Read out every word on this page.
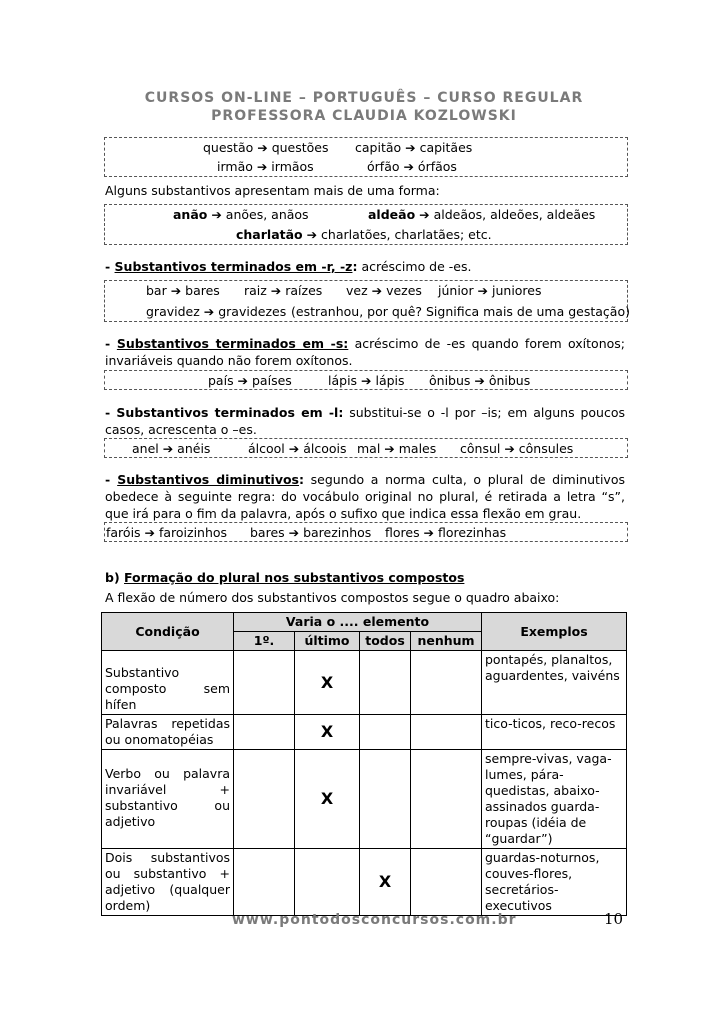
CURSOS ON-LINE – PORTUGUÊS – CURSO REGULAR
PROFESSORA CLAUDIA KOZLOWSKI
questão ➔ questões capitão ➔ capitães
irmão ➔ irmãos	órfão ➔ órfãos
Alguns substantivos apresentam mais de uma forma:
anão ➔ anões, anãos	aldeão ➔ aldeãos, aldeões, aldeães
charlatão ➔ charlatões, charlatães; etc.
- Substantivos terminados em -r, -z: acréscimo de -es.
bar ➔ bares raiz ➔ raízes vez ➔ vezes júnior ➔ juniores
gravidez ➔ gravidezes (estranhou, por quê? Significa mais de uma gestação)
- Substantivos terminados em -s: acréscimo de -es quando forem oxítonos; invariáveis quando não forem oxítonos.
país ➔ países	lápis ➔ lápis ônibus ➔ ônibus
- Substantivos terminados em -l: substitui-se o -l por –is; em alguns poucos casos, acrescenta o –es.
anel ➔ anéis	álcool ➔ álcoois mal ➔ males cônsul ➔ cônsules
- Substantivos diminutivos: segundo a norma culta, o plural de diminutivos obedece à seguinte regra: do vocábulo original no plural, é retirada a letra “s”, que irá para o fim da palavra, após o sufixo que indica essa flexão em grau.
faróis ➔ faroizinhos bares ➔ barezinhos flores ➔ florezinhas
b) Formação do plural nos substantivos compostos
A flexão de número dos substantivos compostos segue o quadro abaixo:
Condição	Varia o .... elemento				Exemplos
	1º.	último	todos	nenhum	
Substantivo composto sem hífen		X			pontapés, planaltos, aguardentes, vaivéns
Palavras repetidas ou onomatopéias		X			tico-ticos, reco-recos
Verbo ou palavra invariável + substantivo ou adjetivo		X			sempre-vivas, vaga-lumes, pára-quedistas, abaixo-assinados guarda-roupas (idéia de “guardar”)
Dois substantivos ou substantivo + adjetivo (qualquer ordem)			X		guardas-noturnos, couves-flores, secretários-executivos
www.pontodosconcursos.com.br	10
